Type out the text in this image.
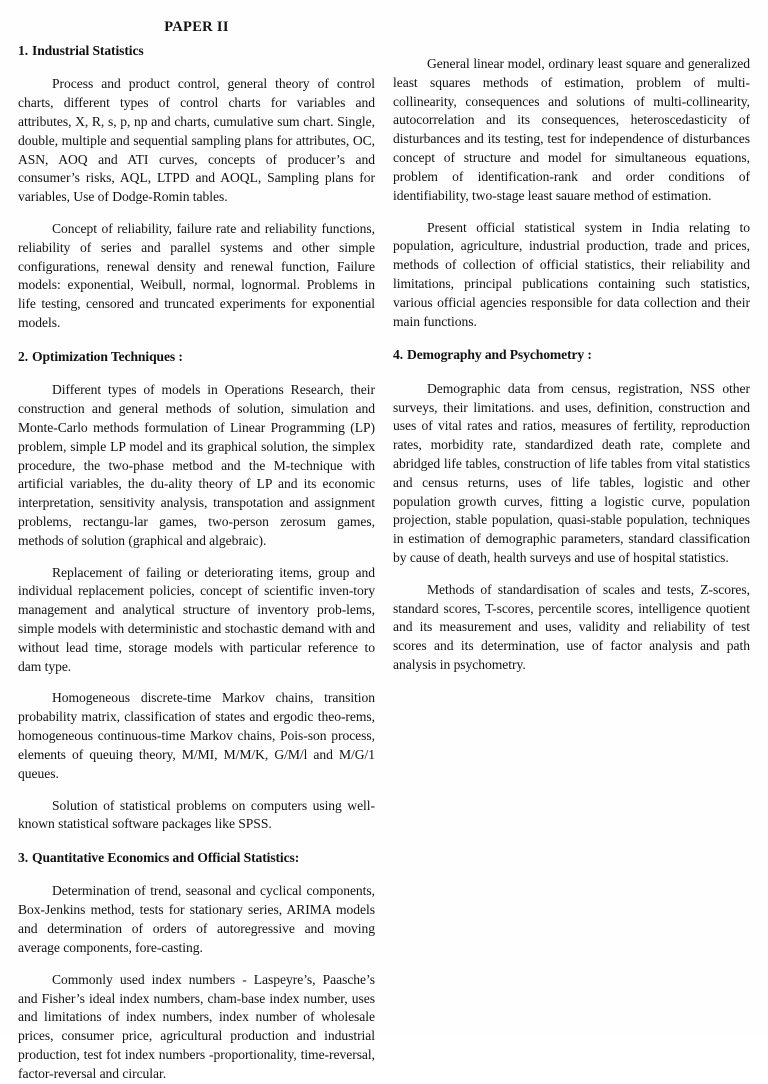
PAPER II
1. Industrial Statistics

Process and product control, general theory of control charts, different types of control charts for variables and attributes, X, R, s, p, np and charts, cumulative sum chart. Single, double, multiple and sequential sampling plans for attributes, OC, ASN, AOQ and ATI curves, concepts of producer’s and consumer’s risks, AQL, LTPD and AOQL, Sampling plans for variables, Use of Dodge-Romin tables.

Concept of reliability, failure rate and reliability functions, reliability of series and parallel systems and other simple configurations, renewal density and renewal function, Failure models: exponential, Weibull, normal, lognormal. Problems in life testing, censored and truncated experiments for exponential models.

2. Optimization Techniques :

Different types of models in Operations Research, their construction and general methods of solution, simulation and Monte-Carlo methods formulation of Linear Programming (LP) problem, simple LP model and its graphical solution, the simplex procedure, the two-phase metbod and the M-technique with artificial variables, the du-ality theory of LP and its economic interpretation, sensitivity analysis, transpotation and assignment problems, rectangu-lar games, two-person zerosum games, methods of solution (graphical and algebraic).

Replacement of failing or deteriorating items, group and individual replacement policies, concept of scientific inven-tory management and analytical structure of inventory prob-lems, simple models with deterministic and stochastic demand with and without lead time, storage models with particular reference to dam type.

Homogeneous discrete-time Markov chains, transition probability matrix, classification of states and ergodic theo-rems, homogeneous continuous-time Markov chains, Pois-son process, elements of queuing theory, M/MI, M/M/K, G/M/l and M/G/1 queues.

Solution of statistical problems on computers using well-known statistical software packages like SPSS.

3. Quantitative Economics and Official Statistics:

Determination of trend, seasonal and cyclical components, Box-Jenkins method, tests for stationary series, ARIMA models and determination of orders of autoregressive and moving average components, fore-casting.

Commonly used index numbers - Laspeyre’s, Paasche’s and Fisher’s ideal index numbers, cham-base index number, uses and limitations of index numbers, index number of wholesale prices, consumer price, agricultural production and industrial production, test fot index numbers -proportionality, time-reversal, factor-reversal and circular.

General linear model, ordinary least square and generalized least squares methods of estimation, problem of multi-collinearity, consequences and solutions of multi-collinearity, autocorrelation and its consequences, heteroscedasticity of disturbances and its testing, test for independence of disturbances concept of structure and model for simultaneous equations, problem of identification-rank and order conditions of identifiability, two-stage least sauare method of estimation.

Present official statistical system in India relating to population, agriculture, industrial production, trade and prices, methods of collection of official statistics, their reliability and limitations, principal publications containing such statistics, various official agencies responsible for data collection and their main functions.

4. Demography and Psychometry :

Demographic data from census, registration, NSS other surveys, their limitations. and uses, definition, construction and uses of vital rates and ratios, measures of fertility, reproduction rates, morbidity rate, standardized death rate, complete and abridged life tables, construction of life tables from vital statistics and census returns, uses of life tables, logistic and other population growth curves, fitting a logistic curve, population projection, stable population, quasi-stable population, techniques in estimation of demographic parameters, standard classification by cause of death, health surveys and use of hospital statistics.

Methods of standardisation of scales and tests, Z-scores, standard scores, T-scores, percentile scores, intelligence quotient and its measurement and uses, validity and reliability of test scores and its determination, use of factor analysis and path analysis in psychometry.
